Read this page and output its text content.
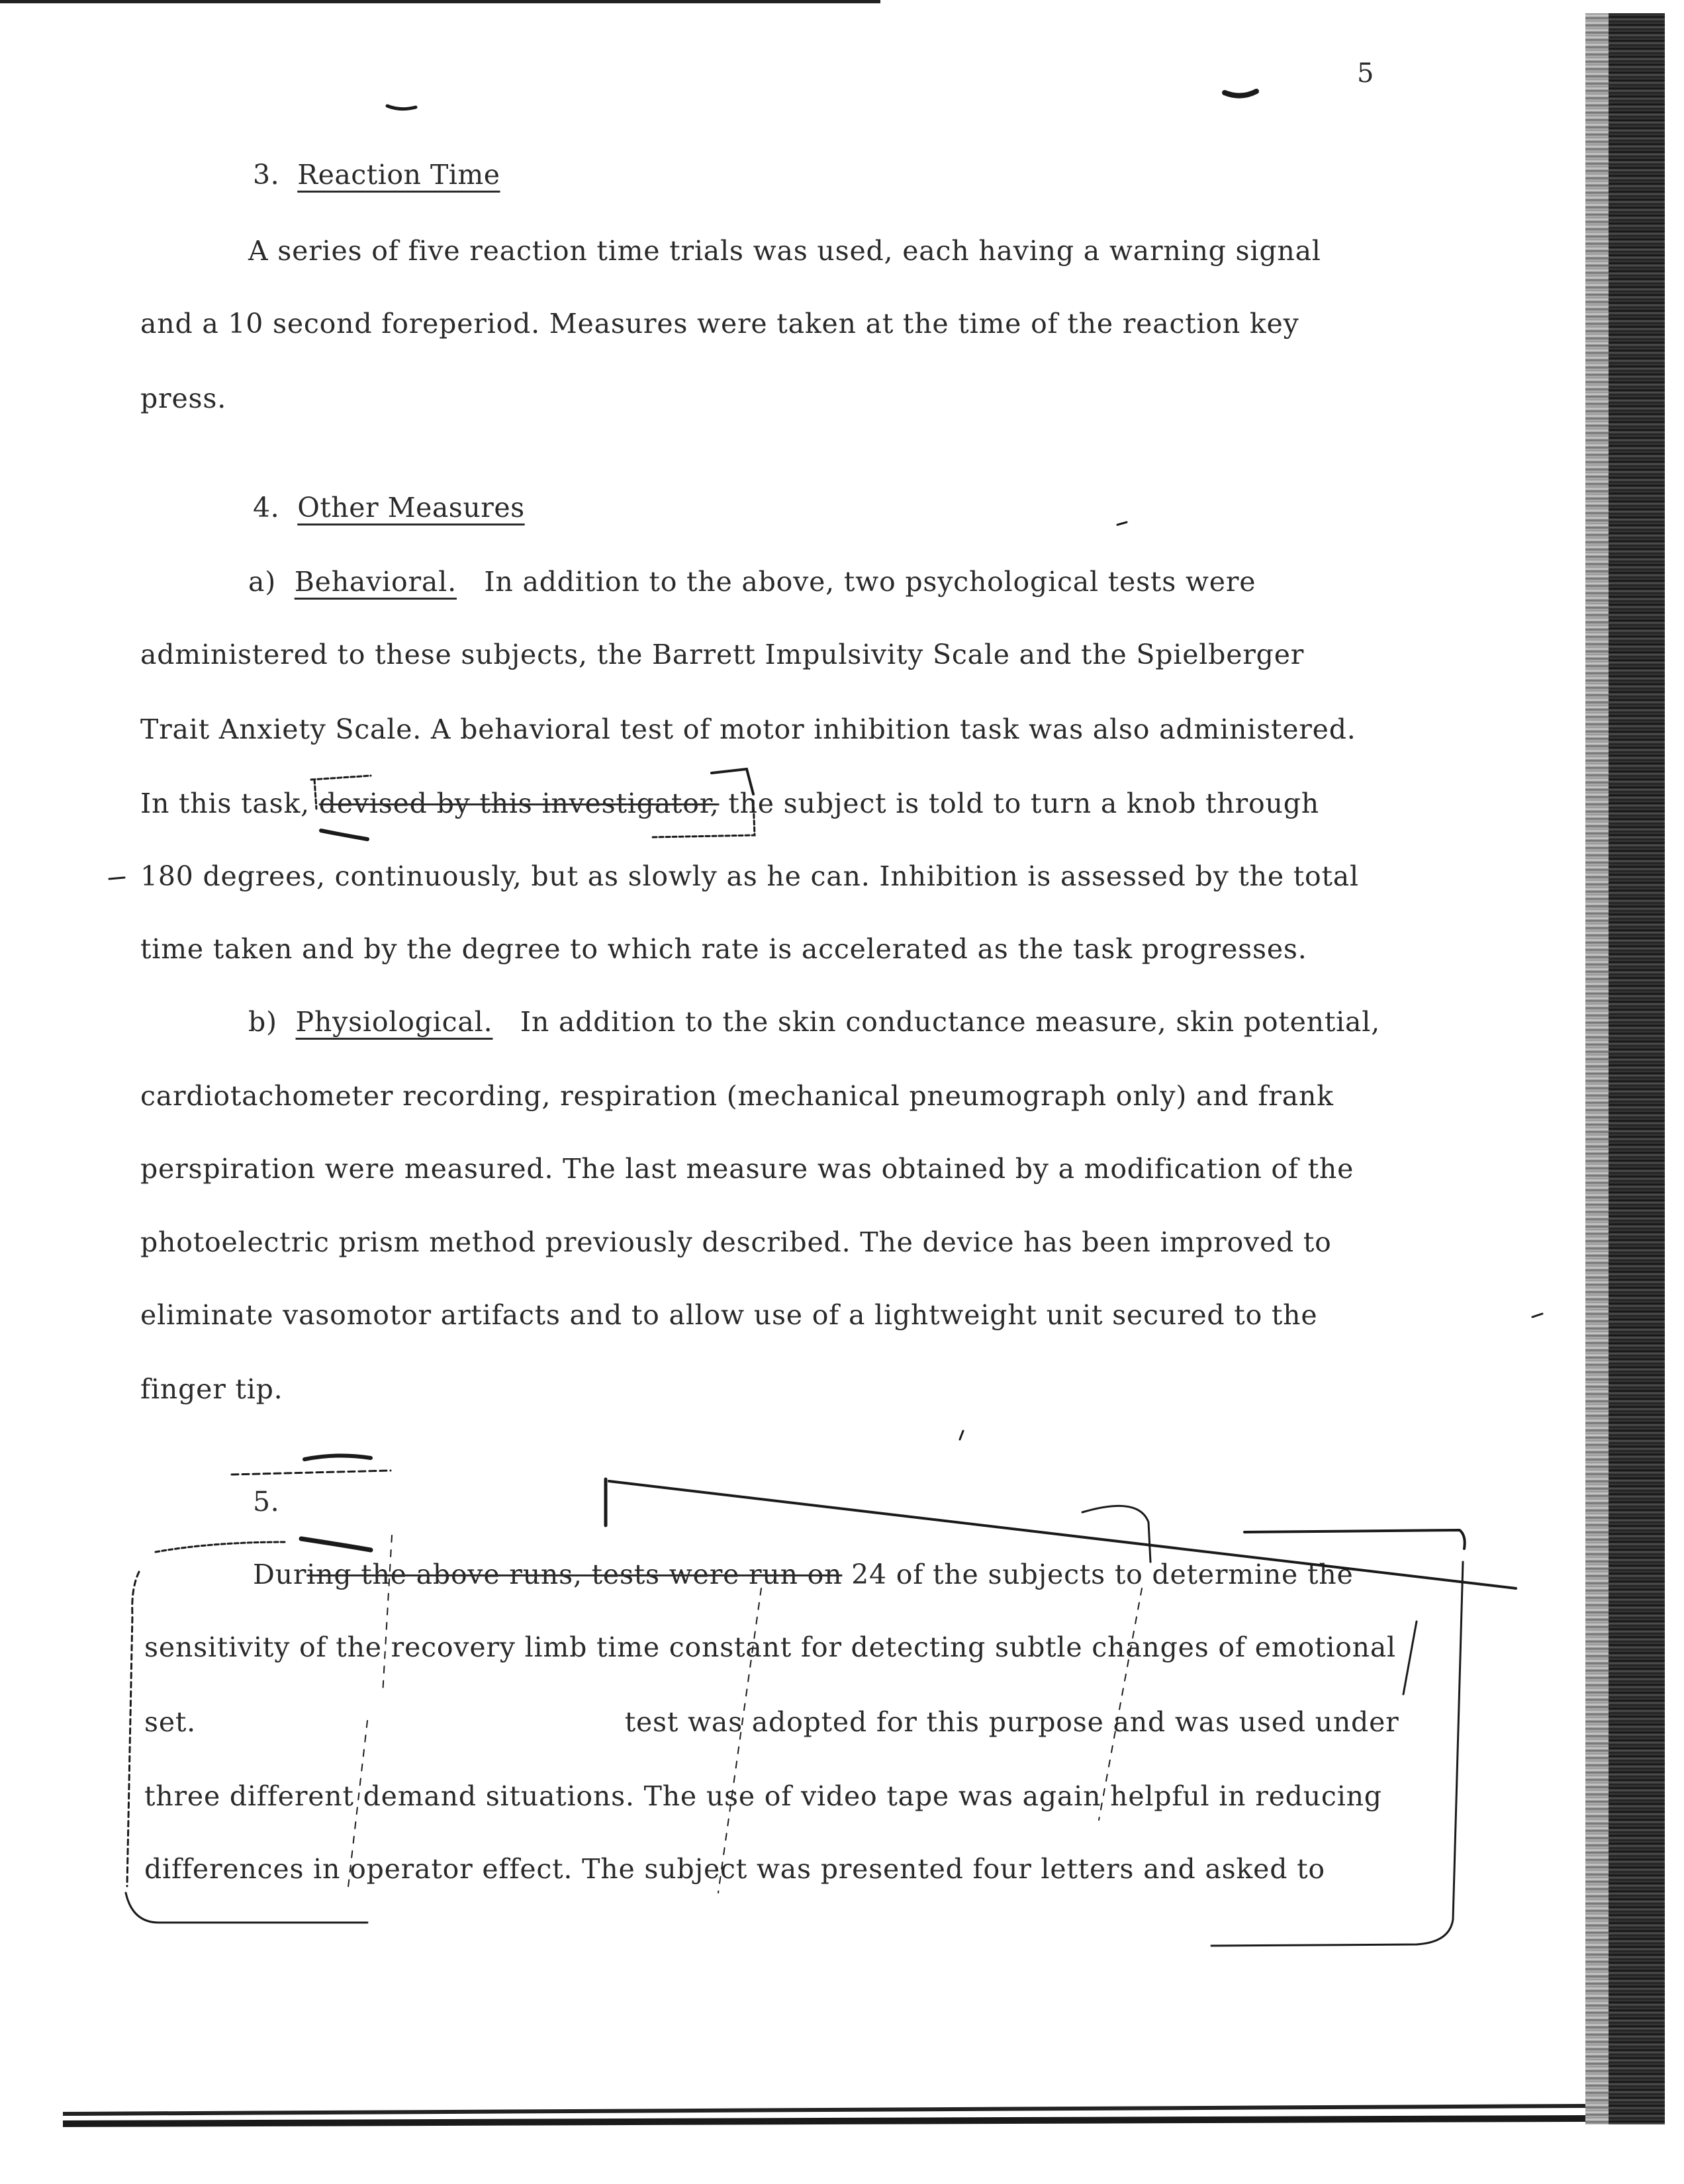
5
3. Reaction Time
A series of five reaction time trials was used, each having a warning signal
and a 10 second foreperiod. Measures were taken at the time of the reaction key
press.
4. Other Measures
a) Behavioral. In addition to the above, two psychological tests were
administered to these subjects, the Barrett Impulsivity Scale and the Spielberger
Trait Anxiety Scale. A behavioral test of motor inhibition task was also administered.
In this task, devised by this investigator, the subject is told to turn a knob through
180 degrees, continuously, but as slowly as he can. Inhibition is assessed by the total
time taken and by the degree to which rate is accelerated as the task progresses.
b) Physiological. In addition to the skin conductance measure, skin potential,
cardiotachometer recording, respiration (mechanical pneumograph only) and frank
perspiration were measured. The last measure was obtained by a modification of the
photoelectric prism method previously described. The device has been improved to
eliminate vasomotor artifacts and to allow use of a lightweight unit secured to the
finger tip.
5.
During the above runs, tests were run on 24 of the subjects to determine the
sensitivity of the recovery limb time constant for detecting subtle changes of emotional
set.	test was adopted for this purpose and was used under
three different demand situations. The use of video tape was again helpful in reducing
differences in operator effect. The subject was presented four letters and asked to
